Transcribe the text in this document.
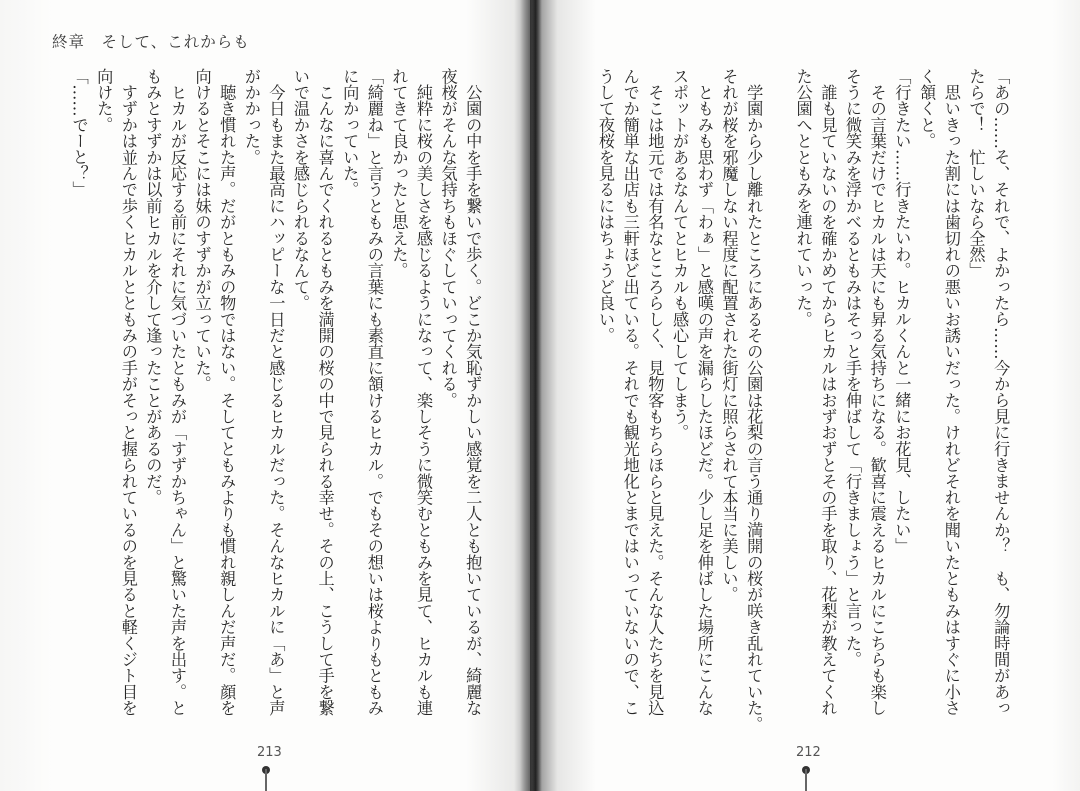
終章　そして、これからも
　公園の中を手を繋いで歩く。どこか気恥ずかしい感覚を二人とも抱いているが、綺麗な
夜桜がそんな気持ちもほぐしていってくれる。
　純粋に桜の美しさを感じるようになって、楽しそうに微笑むともみを見て、ヒカルも連
れてきて良かったと思えた。
「綺麗ね」と言うともみの言葉にも素直に頷けるヒカル。でもその想いは桜よりもともみ
に向かっていた。
　こんなに喜んでくれるともみを満開の桜の中で見られる幸せ。その上、こうして手を繋
いで温かさを感じられるなんて。
　今日もまた最高にハッピーな一日だと感じるヒカルだった。そんなヒカルに「あ」と声
がかかった。
　聴き慣れた声。だがともみの物ではない。そしてともみよりも慣れ親しんだ声だ。顔を
向けるとそこには妹のすずかが立っていた。
　ヒカルが反応する前にそれに気づいたともみが「すずかちゃん」と驚いた声を出す。と
もみとすずかは以前ヒカルを介して逢ったことがあるのだ。
　すずかは並んで歩くヒカルとともみの手がそっと握られているのを見ると軽くジト目を
向けた。
「……でーと？」	「あの……そ、それで、よかったら……今から見に行きませんか？　も、勿論時間があっ
たらで！　忙しいなら全然」
　思いきった割には歯切れの悪いお誘いだった。けれどそれを聞いたともみはすぐに小さ
く頷くと。
「行きたい……行きたいわ。ヒカルくんと一緒にお花見、したい」
　その言葉だけでヒカルは天にも昇る気持ちになる。歓喜に震えるヒカルにこちらも楽し
そうに微笑みを浮かべるともみはそっと手を伸ばして「行きましょう」と言った。
　誰も見ていないのを確かめてからヒカルはおずおずとその手を取り、花梨が教えてくれ
た公園へとともみを連れていった。
　学園から少し離れたところにあるその公園は花梨の言う通り満開の桜が咲き乱れていた。
それが桜を邪魔しない程度に配置された街灯に照らされて本当に美しい。
　ともみも思わず「わぁ」と感嘆の声を漏らしたほどだ。少し足を伸ばした場所にこんな
スポットがあるなんてとヒカルも感心してしまう。
　そこは地元では有名なところらしく、見物客もちらほらと見えた。そんな人たちを見込
んでか簡単な出店も三軒ほど出ている。それでも観光地化とまではいっていないので、こ
うして夜桜を見るにはちょうど良い。
213	212
